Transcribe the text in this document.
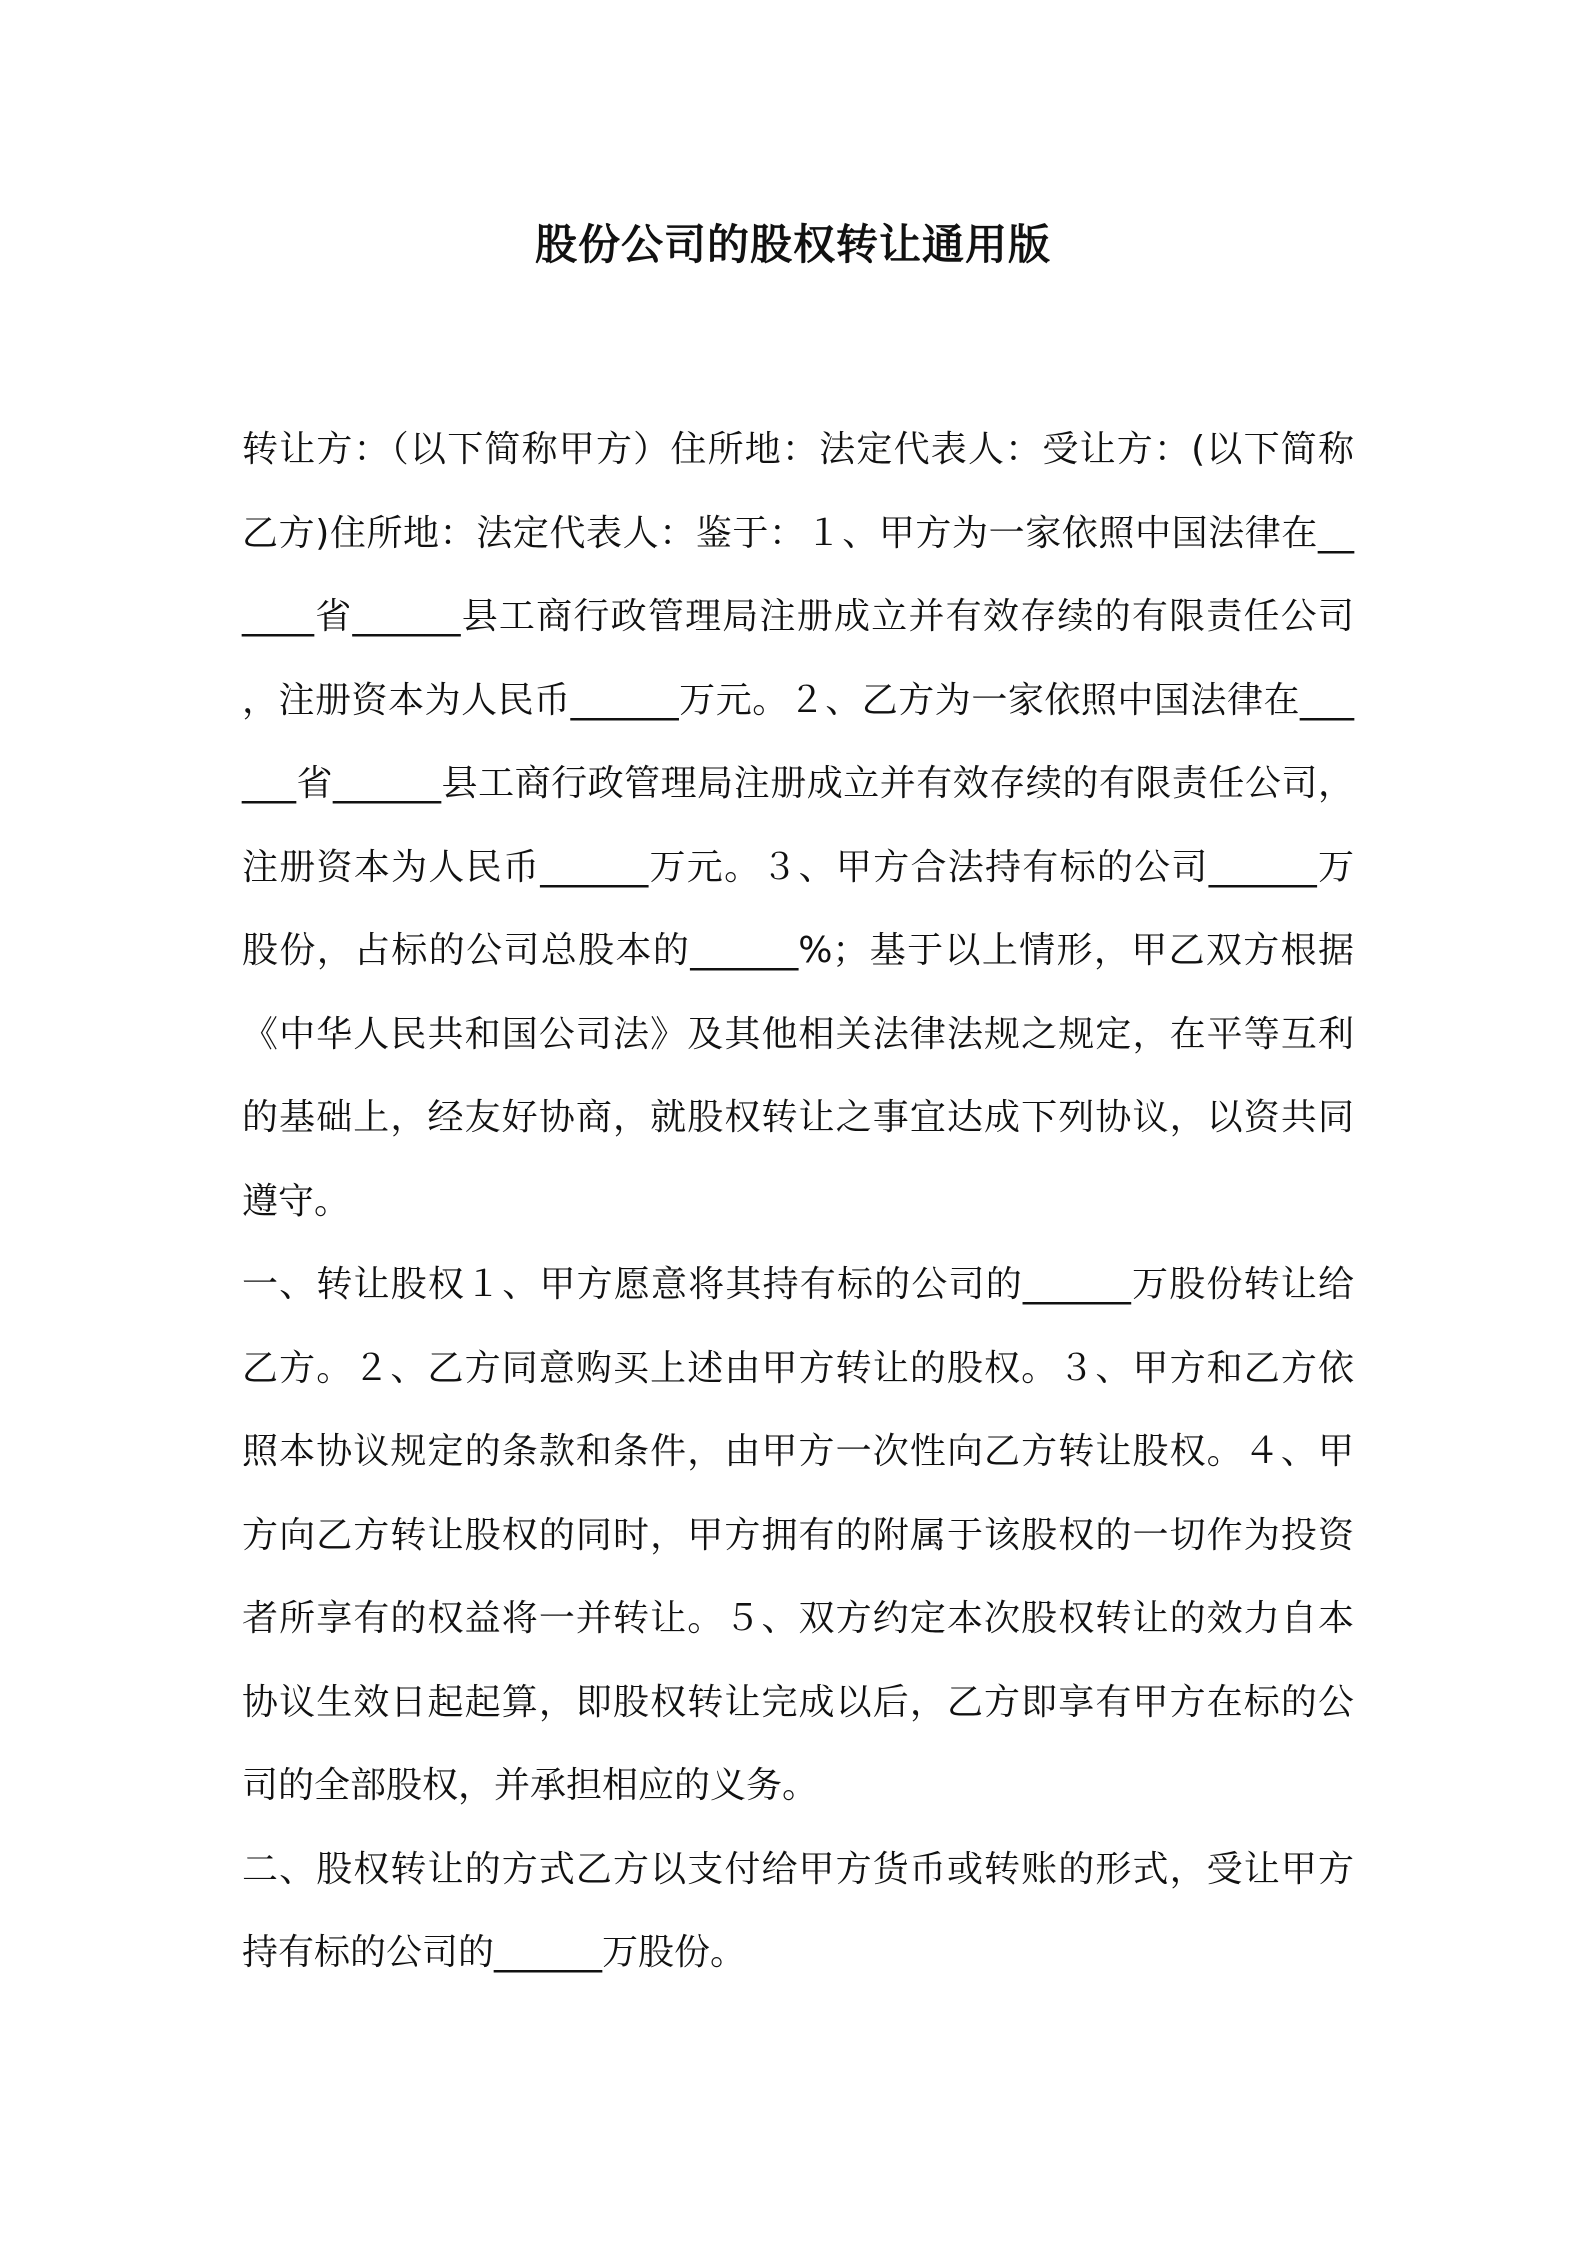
股份公司的股权转让通用版

转让方：（以下简称甲方）住所地：法定代表人：受让方：(以下简称乙方)住所地：法定代表人：鉴于：１、甲方为一家依照中国法律在______省______县工商行政管理局注册成立并有效存续的有限责任公司，注册资本为人民币______万元。２、乙方为一家依照中国法律在______省______县工商行政管理局注册成立并有效存续的有限责任公司，注册资本为人民币______万元。３、甲方合法持有标的公司______万股份，占标的公司总股本的______%；基于以上情形，甲乙双方根据《中华人民共和国公司法》及其他相关法律法规之规定，在平等互利的基础上，经友好协商，就股权转让之事宜达成下列协议，以资共同遵守。

一、转让股权１、甲方愿意将其持有标的公司的______万股份转让给乙方。２、乙方同意购买上述由甲方转让的股权。３、甲方和乙方依照本协议规定的条款和条件，由甲方一次性向乙方转让股权。４、甲方向乙方转让股权的同时，甲方拥有的附属于该股权的一切作为投资者所享有的权益将一并转让。５、双方约定本次股权转让的效力自本协议生效日起起算，即股权转让完成以后，乙方即享有甲方在标的公司的全部股权，并承担相应的义务。

二、股权转让的方式乙方以支付给甲方货币或转账的形式，受让甲方持有标的公司的______万股份。
